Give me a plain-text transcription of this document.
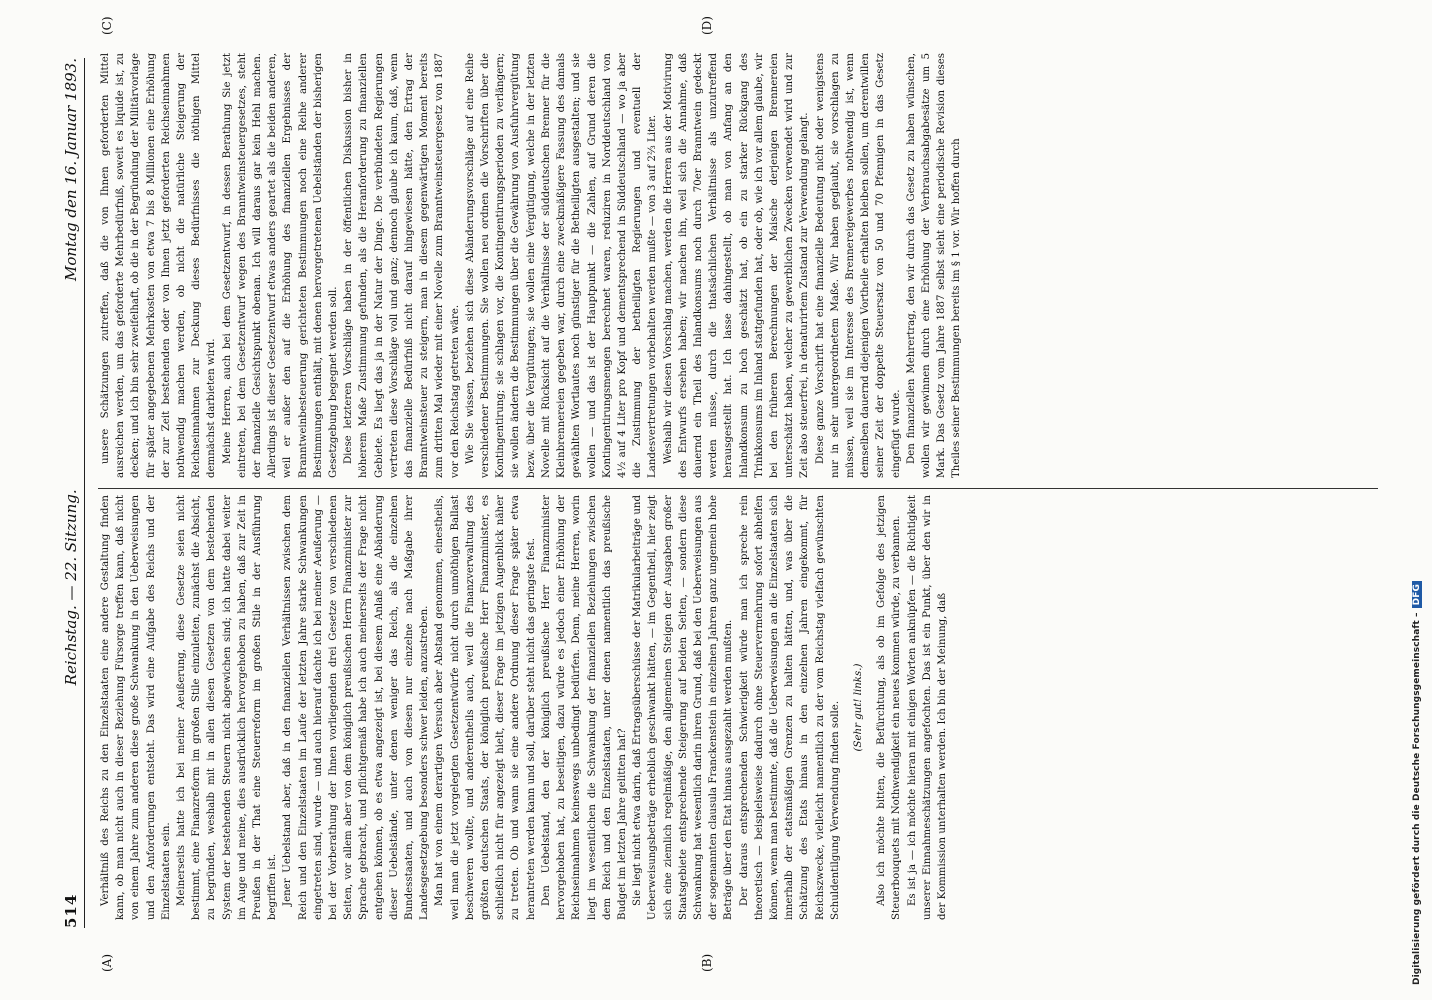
514
Reichstag. — 22. Sitzung.
Montag den 16. Januar 1893.
(A)	(B)
(C)	(D)

Verhältniß des Reichs zu den Einzelstaaten eine andere Gestaltung finden kann, ob man nicht auch in dieser Beziehung Fürsorge treffen kann, daß nicht von einem Jahre zum anderen diese große Schwankung in den Ueberweisungen und den Anforderungen entsteht. Das wird eine Aufgabe des Reichs und der Einzelstaaten sein. Meinerseits hatte ich bei meiner Aeußerung, diese Gesetze seien nicht bestimmt, eine Finanzreform im großen Stile einzuleiten, zunächst die Absicht, zu begründen, weshalb mit in allen diesen Gesetzen von dem bestehenden System der bestehenden Steuern nicht abgewichen sind; ich hatte dabei weiter im Auge und meine, dies ausdrücklich hervorgehoben zu haben, daß zur Zeit in Preußen in der That eine Steuerreform im großen Stile in der Ausführung begriffen ist. Jener Uebelstand aber, daß in den finanziellen Verhältnissen zwischen dem Reich und den Einzelstaaten im Laufe der letzten Jahre starke Schwankungen eingetreten sind, wurde — und auch hierauf dachte ich bei meiner Aeußerung — bei der Vorberathung der Ihnen vorliegenden drei Gesetze von verschiedenen Seiten, vor allem aber von dem königlich preußischen Herrn Finanzminister zur Sprache gebracht, und pflichtgemäß habe ich auch meinerseits der Frage nicht entgehen können, ob es etwa angezeigt ist, bei diesem Anlaß eine Abänderung dieser Uebelstände, unter denen weniger das Reich, als die einzelnen Bundesstaaten, und auch von diesen nur einzelne nach Maßgabe ihrer Landesgesetzgebung besonders schwer leiden, anzustreben. Man hat von einem derartigen Versuch aber Abstand genommen, einestheils, weil man die jetzt vorgelegten Gesetzentwürfe nicht durch unnöthigen Ballast beschweren wollte, und anderentheils auch, weil die Finanzverwaltung des größten deutschen Staats, der königlich preußische Herr Finanzminister, es schließlich nicht für angezeigt hielt, dieser Frage im jetzigen Augenblick näher zu treten. Ob und wann sie eine andere Ordnung dieser Frage später etwa herantreten werden kann und soll, darüber steht nicht das geringste fest. Den Uebelstand, den der königlich preußische Herr Finanzminister hervorgehoben hat, zu beseitigen, dazu würde es jedoch einer Erhöhung der Reichseinnahmen keineswegs unbedingt bedürfen. Denn, meine Herren, worin liegt im wesentlichen die Schwankung der finanziellen Beziehungen zwischen dem Reich und den Einzelstaaten, unter denen namentlich das preußische Budget im letzten Jahre gelitten hat? Sie liegt nicht etwa darin, daß Ertragsüberschüsse der Matrikularbeiträge und Ueberweisungsbeträge erheblich geschwankt hätten, — im Gegentheil, hier zeigt sich eine ziemlich regelmäßige, den allgemeinen Steigen der Ausgaben großer Staatsgebiete entsprechende Steigerung auf beiden Seiten, — sondern diese Schwankung hat wesentlich darin ihren Grund, daß bei den Ueberweisungen aus der sogenannten clausula Franckenstein in einzelnen Jahren ganz ungemein hohe Beträge über den Etat hinaus ausgezahlt werden mußten. Der daraus entsprechenden Schwierigkeit würde man ich spreche rein theoretisch — beispielsweise dadurch ohne Steuervermehrung sofort abhelfen können, wenn man bestimmte, daß die Ueberweisungen an die Einzelstaaten sich innerhalb der etatsmäßigen Grenzen zu halten hätten, und, was über die Schätzung des Etats hinaus in den einzelnen Jahren eingekommt, für Reichszwecke, vielleicht namentlich zu der vom Reichstag vielfach gewünschten Schuldentilgung Verwendung finden solle. (Sehr gut! links.) Also ich möchte bitten, die Befürchtung, als ob im Gefolge des jetzigen Steuerbouquets mit Nothwendigkeit ein neues kommen würde, zu verbannen. Es ist ja — ich möchte hieran mit einigen Worten anknüpfen — die Richtigkeit unserer Einnahmeschätzungen angefochten. Das ist ein Punkt, über den wir in der Kommission unterhalten werden. Ich bin der Meinung, daß

unsere Schätzungen zutreffen, daß die von Ihnen geforderten Mittel ausreichen werden, um das geforderte Mehrbedürfniß, soweit es liquide ist, zu decken; und ich bin sehr zweifelhaft, ob die in der Begründung der Militärvorlage für später angegebenen Mehrkosten von etwa 7 bis 8 Millionen eine Erhöhung der zur Zeit bestehenden oder von Ihnen jetzt geforderten Reichseinnahmen nothwendig machen werden, ob nicht die natürliche Steigerung der Reichseinnahmen zur Deckung dieses Bedürfnisses die nöthigen Mittel demnächst darbieten wird. Meine Herren, auch bei dem Gesetzentwurf, in dessen Berathung Sie jetzt eintreten, bei dem Gesetzentwurf wegen des Branntweinsteuergesetzes, steht der finanzielle Gesichtspunkt obenan. Ich will daraus gar kein Hehl machen. Allerdings ist dieser Gesetzentwurf etwas anders geartet als die beiden anderen, weil er außer den auf die Erhöhung des finanziellen Ergebnisses der Branntweinbesteuerung gerichteten Bestimmungen noch eine Reihe anderer Bestimmungen enthält, mit denen hervorgetretenen Uebelständen der bisherigen Gesetzgebung begegnet werden soll. Diese letzteren Vorschläge haben in der öffentlichen Diskussion bisher in höherem Maße Zustimmung gefunden, als die Heranforderung zu finanziellen Gebiete. Es liegt das ja in der Natur der Dinge. Die verbündeten Regierungen vertreten diese Vorschläge voll und ganz; dennoch glaube ich kaum, daß, wenn das finanzielle Bedürfniß nicht darauf hingewiesen hätte, den Ertrag der Branntweinsteuer zu steigern, man in diesem gegenwärtigen Moment bereits zum dritten Mal wieder mit einer Novelle zum Branntweinsteuergesetz von 1887 vor den Reichstag getreten wäre. Wie Sie wissen, beziehen sich diese Abänderungsvorschläge auf eine Reihe verschiedener Bestimmungen. Sie wollen neu ordnen die Vorschriften über die Kontingentirung; sie schlagen vor, die Kontingentirungsperioden zu verlängern; sie wollen ändern die Bestimmungen über die Gewährung von Ausfuhrvergütung bezw. über die Vergütungen; sie wollen eine Vergütigung, welche in der letzten Novelle mit Rücksicht auf die Verhältnisse der süddeutschen Brenner für die Kleinbrennereien gegeben war, durch eine zweckmäßigere Fassung des damals gewählten Wortlautes noch günstiger für die Betheiligten ausgestalten; und sie wollen — und das ist der Hauptpunkt — die Zahlen, auf Grund deren die Kontingentirungsmengen berechnet waren, reduziren in Norddeutschland von 4½ auf 4 Liter pro Kopf und dementsprechend in Süddeutschland — wo ja aber die Zustimmung der betheiligten Regierungen und eventuell der Landesvertretungen vorbehalten werden mußte — von 3 auf 2⅔ Liter. Weshalb wir diesen Vorschlag machen, werden die Herren aus der Motivirung des Entwurfs ersehen haben; wir machen ihn, weil sich die Annahme, daß dauernd ein Theil des Inlandkonsums noch durch 70er Branntwein gedeckt werden müsse, durch die thatsächlichen Verhältnisse als unzutreffend herausgestellt hat. Ich lasse dahingestellt, ob man von Anfang an den Inlandkonsum zu hoch geschätzt hat, ob ein zu starker Rückgang des Trinkkonsums im Inland stattgefunden hat, oder ob, wie ich vor allem glaube, wir bei den früheren Berechnungen der Maische derjenigen Brennereien unterschätzt haben, welcher zu gewerblichen Zwecken verwendet wird und zur Zeit also steuerfrei, in denaturirtem Zustand zur Verwendung gelangt. Diese ganze Vorschrift hat eine finanzielle Bedeutung nicht oder wenigstens nur in sehr untergeordnetem Maße. Wir haben geglaubt, sie vorschlagen zu müssen, weil sie im Interesse des Brennereigewerbes nothwendig ist, wenn demselben dauernd diejenigen Vortheile erhalten bleiben sollen, um derentwillen seiner Zeit der doppelte Steuersatz von 50 und 70 Pfennigen in das Gesetz eingefügt wurde. Den finanziellen Mehrertrag, den wir durch das Gesetz zu haben wünschen, wollen wir gewinnen durch eine Erhöhung der Verbrauchsabgabesätze um 5 Mark. Das Gesetz vom Jahre 1887 selbst sieht eine periodische Revision dieses Theiles seiner Bestimmungen bereits im § 1 vor. Wir hoffen durch

Digitalisierung gefördert durch die Deutsche Forschungsgemeinschaft –DFG
